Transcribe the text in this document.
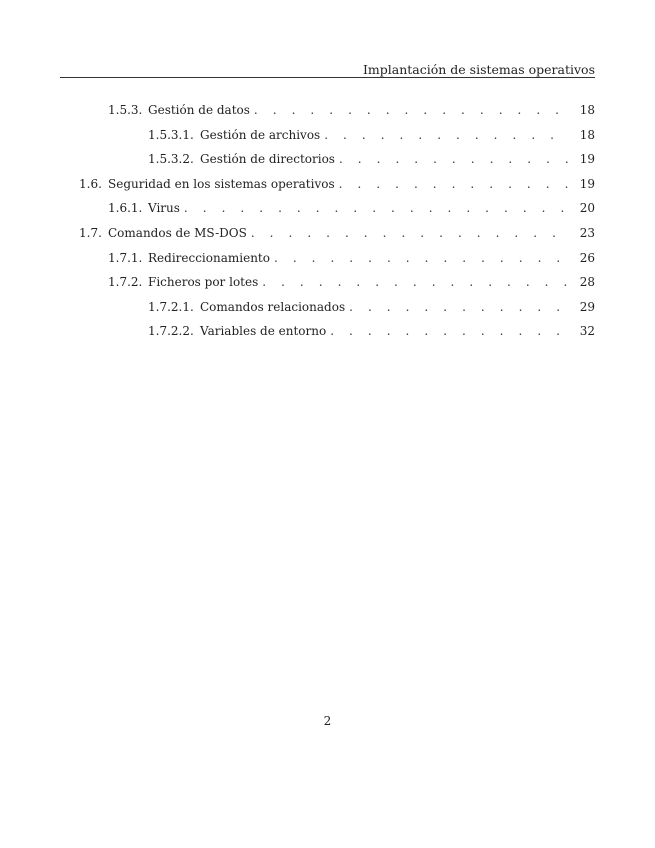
Implantación de sistemas operativos
1.5.3. Gestión de datos . . .	18
1.5.3.1. Gestión de archivos . . .	18
1.5.3.2. Gestión de directorios . . .	19
1.6. Seguridad en los sistemas operativos . . .	19
1.6.1. Virus . . .	20
1.7. Comandos de MS-DOS . . .	23
1.7.1. Redireccionamiento . . .	26
1.7.2. Ficheros por lotes . . .	28
1.7.2.1. Comandos relacionados . . .	29
1.7.2.2. Variables de entorno . . .	32
2
